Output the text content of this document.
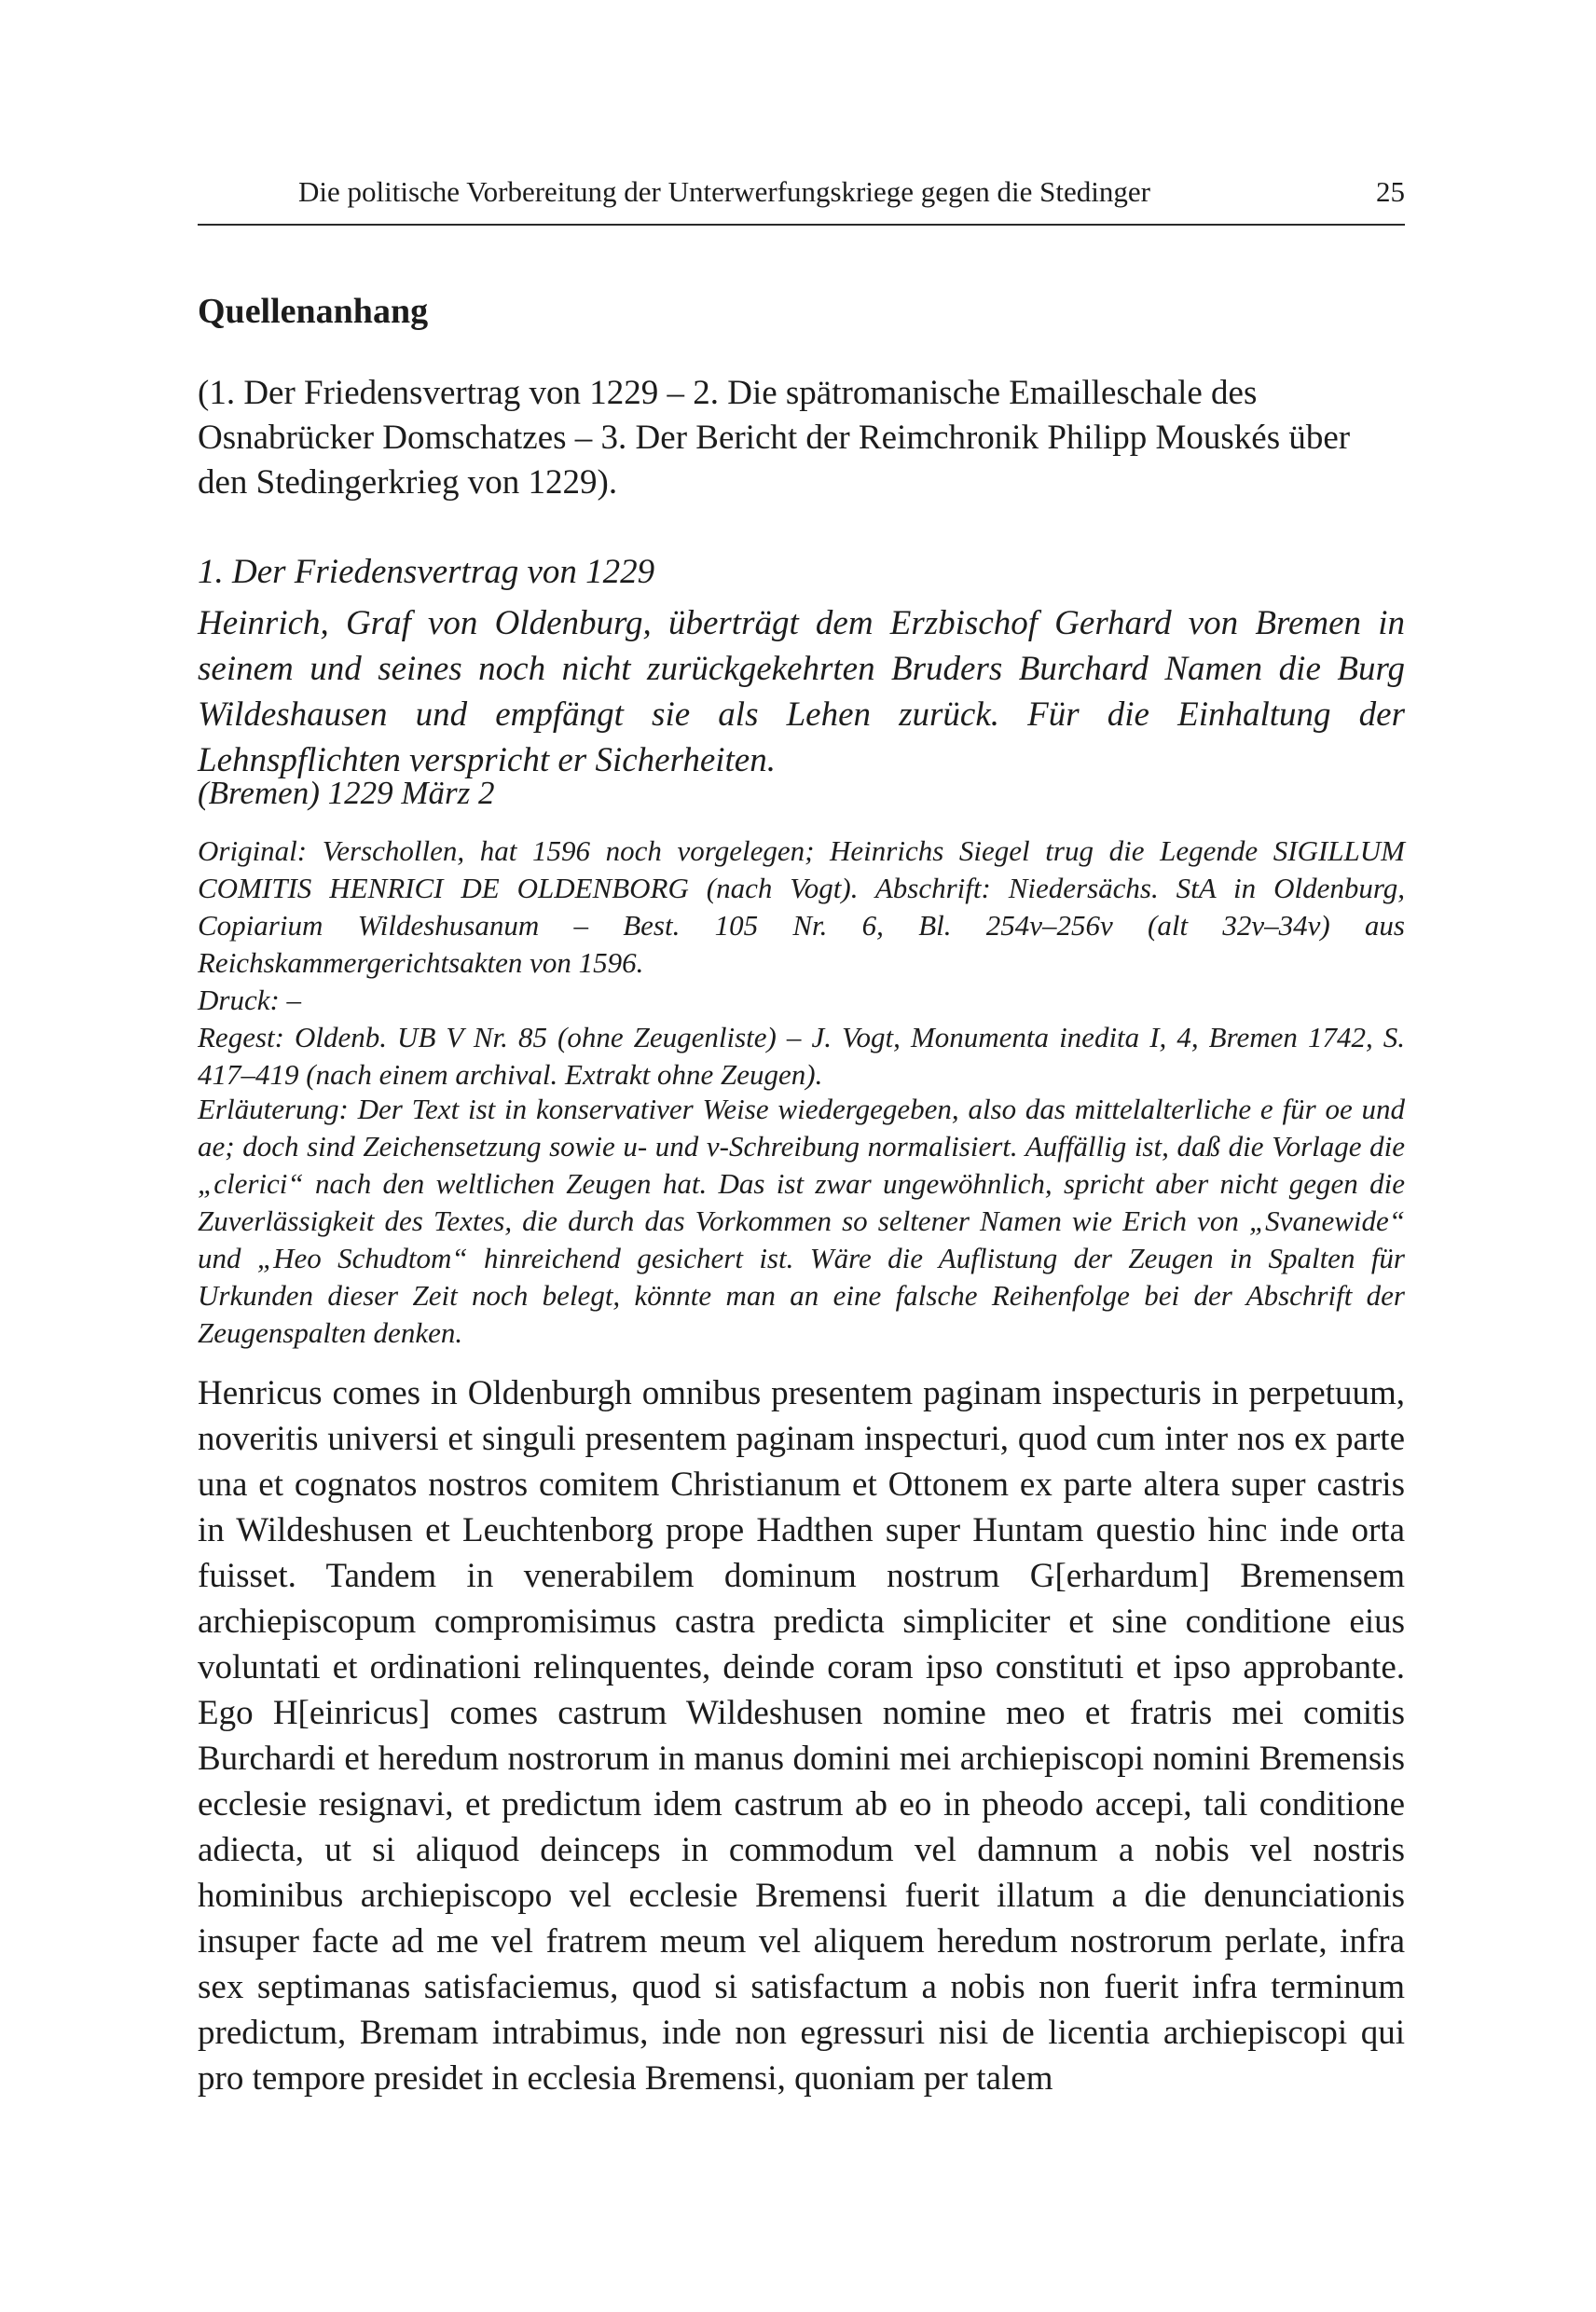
Die politische Vorbereitung der Unterwerfungskriege gegen die Stedinger	25
Quellenanhang
(1. Der Friedensvertrag von 1229 – 2. Die spätromanische Emailleschale des Osnabrücker Domschatzes – 3. Der Bericht der Reimchronik Philipp Mouskés über den Stedingerkrieg von 1229).
1. Der Friedensvertrag von 1229
Heinrich, Graf von Oldenburg, überträgt dem Erzbischof Gerhard von Bremen in seinem und seines noch nicht zurückgekehrten Bruders Burchard Namen die Burg Wildeshausen und empfängt sie als Lehen zurück. Für die Einhaltung der Lehnspflichten verspricht er Sicherheiten.
(Bremen) 1229 März 2

Original: Verschollen, hat 1596 noch vorgelegen; Heinrichs Siegel trug die Legende SIGILLUM COMITIS HENRICI DE OLDENBORG (nach Vogt). Abschrift: Niedersächs. StA in Oldenburg, Copiarium Wildeshusanum – Best. 105 Nr. 6, Bl. 254v–256v (alt 32v–34v) aus Reichskammergerichtsakten von 1596.

Druck: –

Regest: Oldenb. UB V Nr. 85 (ohne Zeugenliste) – J. Vogt, Monumenta inedita I, 4, Bremen 1742, S. 417–419 (nach einem archival. Extrakt ohne Zeugen).

Erläuterung: Der Text ist in konservativer Weise wiedergegeben, also das mittelalterliche e für oe und ae; doch sind Zeichensetzung sowie u- und v-Schreibung normalisiert. Auffällig ist, daß die Vorlage die „clerici“ nach den weltlichen Zeugen hat. Das ist zwar ungewöhnlich, spricht aber nicht gegen die Zuverlässigkeit des Textes, die durch das Vorkommen so seltener Namen wie Erich von „Svanewide“ und „Heo Schudtom“ hinreichend gesichert ist. Wäre die Auflistung der Zeugen in Spalten für Urkunden dieser Zeit noch belegt, könnte man an eine falsche Reihenfolge bei der Abschrift der Zeugenspalten denken.
Henricus comes in Oldenburgh omnibus presentem paginam inspecturis in perpetuum, noveritis universi et singuli presentem paginam inspecturi, quod cum inter nos ex parte una et cognatos nostros comitem Christianum et Ottonem ex parte altera super castris in Wildeshusen et Leuchtenborg prope Hadthen super Huntam questio hinc inde orta fuisset. Tandem in venerabilem dominum nostrum G[erhardum] Bremensem archiepiscopum compromisimus castra predicta simpliciter et sine conditione eius voluntati et ordinationi relinquentes, deinde coram ipso constituti et ipso approbante. Ego H[einricus] comes castrum Wildeshusen nomine meo et fratris mei comitis Burchardi et heredum nostrorum in manus domini mei archiepiscopi nomini Bremensis ecclesie resignavi, et predictum idem castrum ab eo in pheodo accepi, tali conditione adiecta, ut si aliquod deinceps in commodum vel damnum a nobis vel nostris hominibus archiepiscopo vel ecclesie Bremensi fuerit illatum a die denunciationis insuper facte ad me vel fratrem meum vel aliquem heredum nostrorum perlate, infra sex septimanas satisfaciemus, quod si satisfactum a nobis non fuerit infra terminum predictum, Bremam intrabimus, inde non egressuri nisi de licentia archiepiscopi qui pro tempore presidet in ecclesia Bremensi, quoniam per talem
